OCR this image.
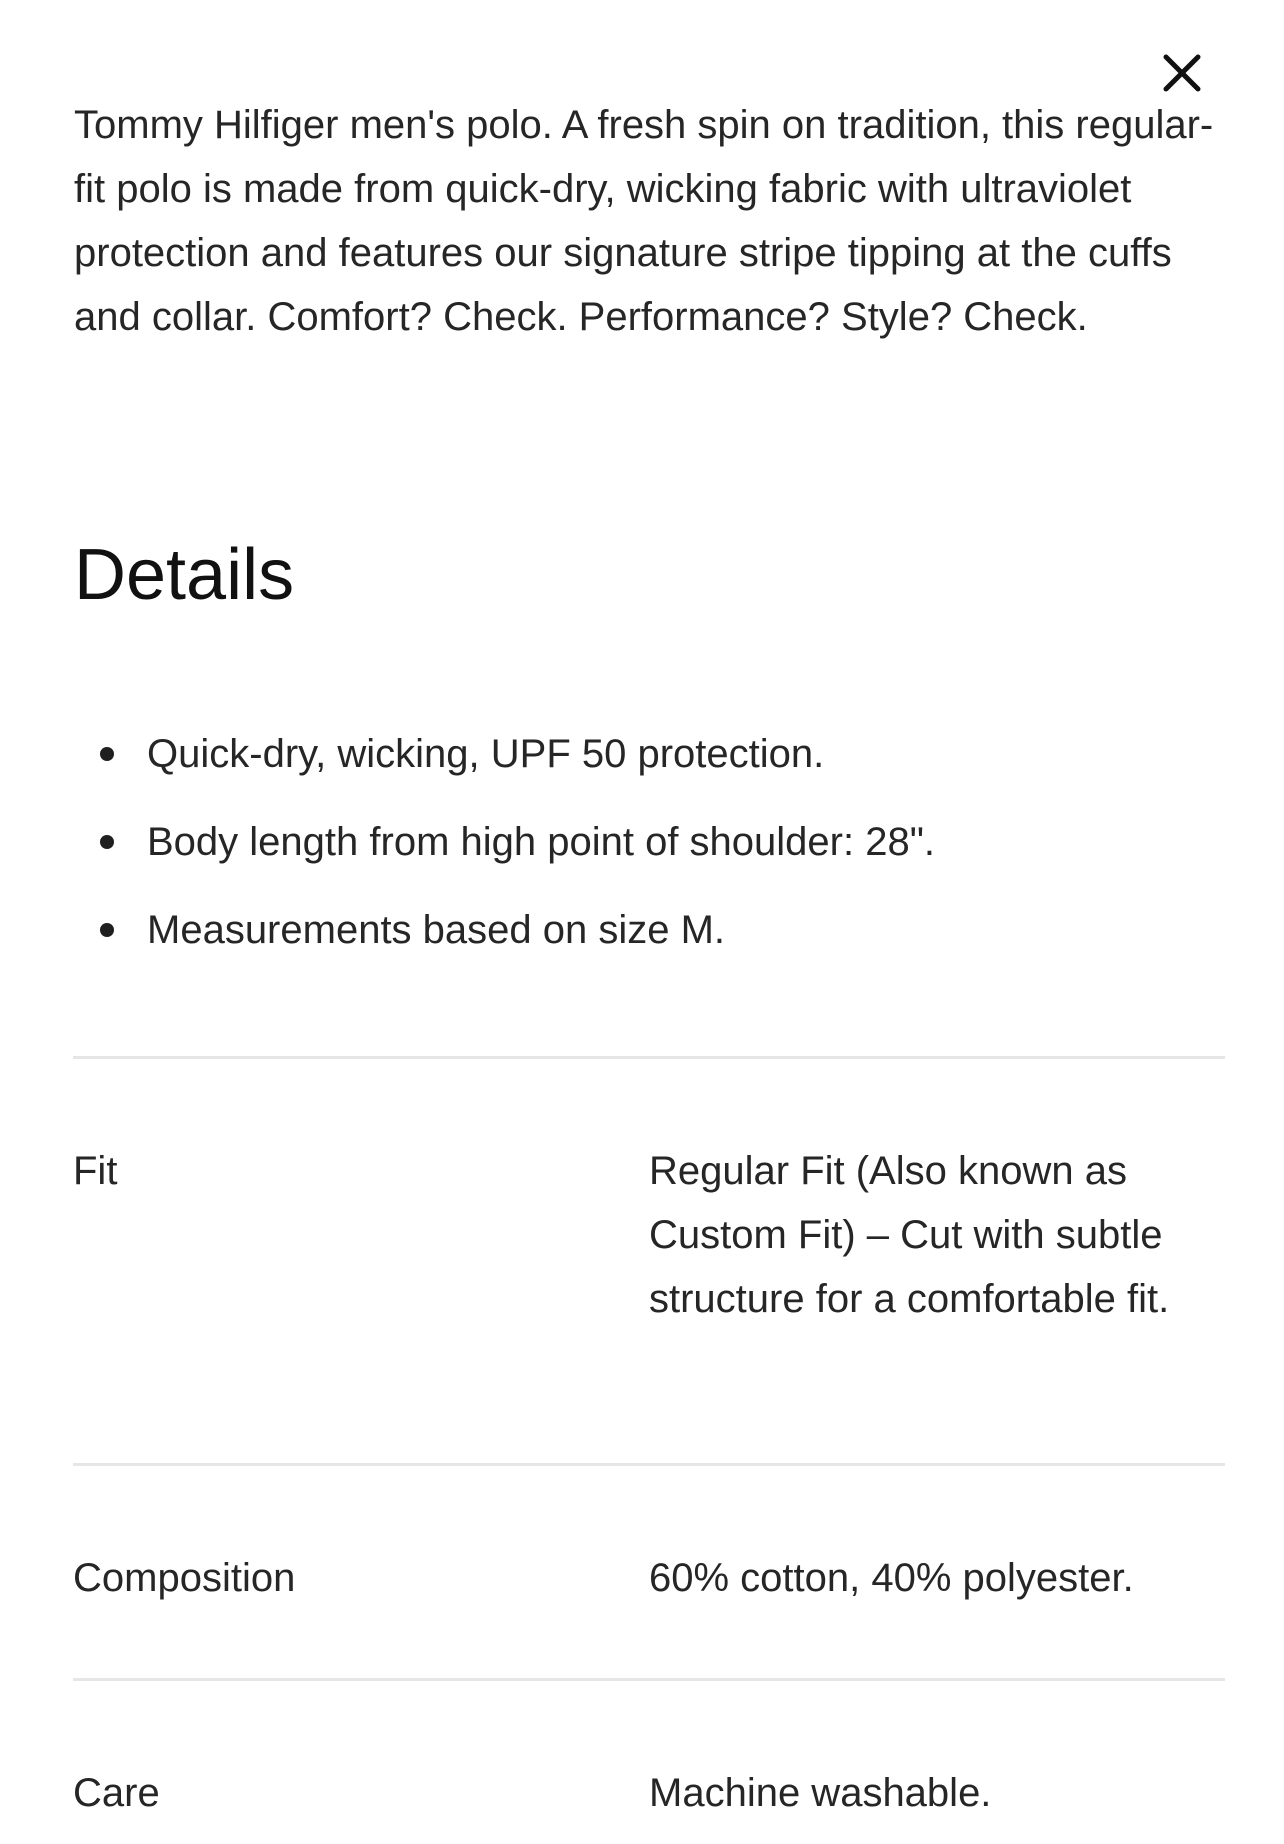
Tommy Hilfiger men's polo. A fresh spin on tradition, this regular-fit polo is made from quick-dry, wicking fabric with ultraviolet protection and features our signature stripe tipping at the cuffs and collar. Comfort? Check. Performance? Style? Check.

Details
Quick-dry, wicking, UPF 50 protection.
Body length from high point of shoulder: 28".
Measurements based on size M.
Fit	Regular Fit (Also known as Custom Fit) – Cut with subtle structure for a comfortable fit.
Composition	60% cotton, 40% polyester.
Care	Machine washable.
